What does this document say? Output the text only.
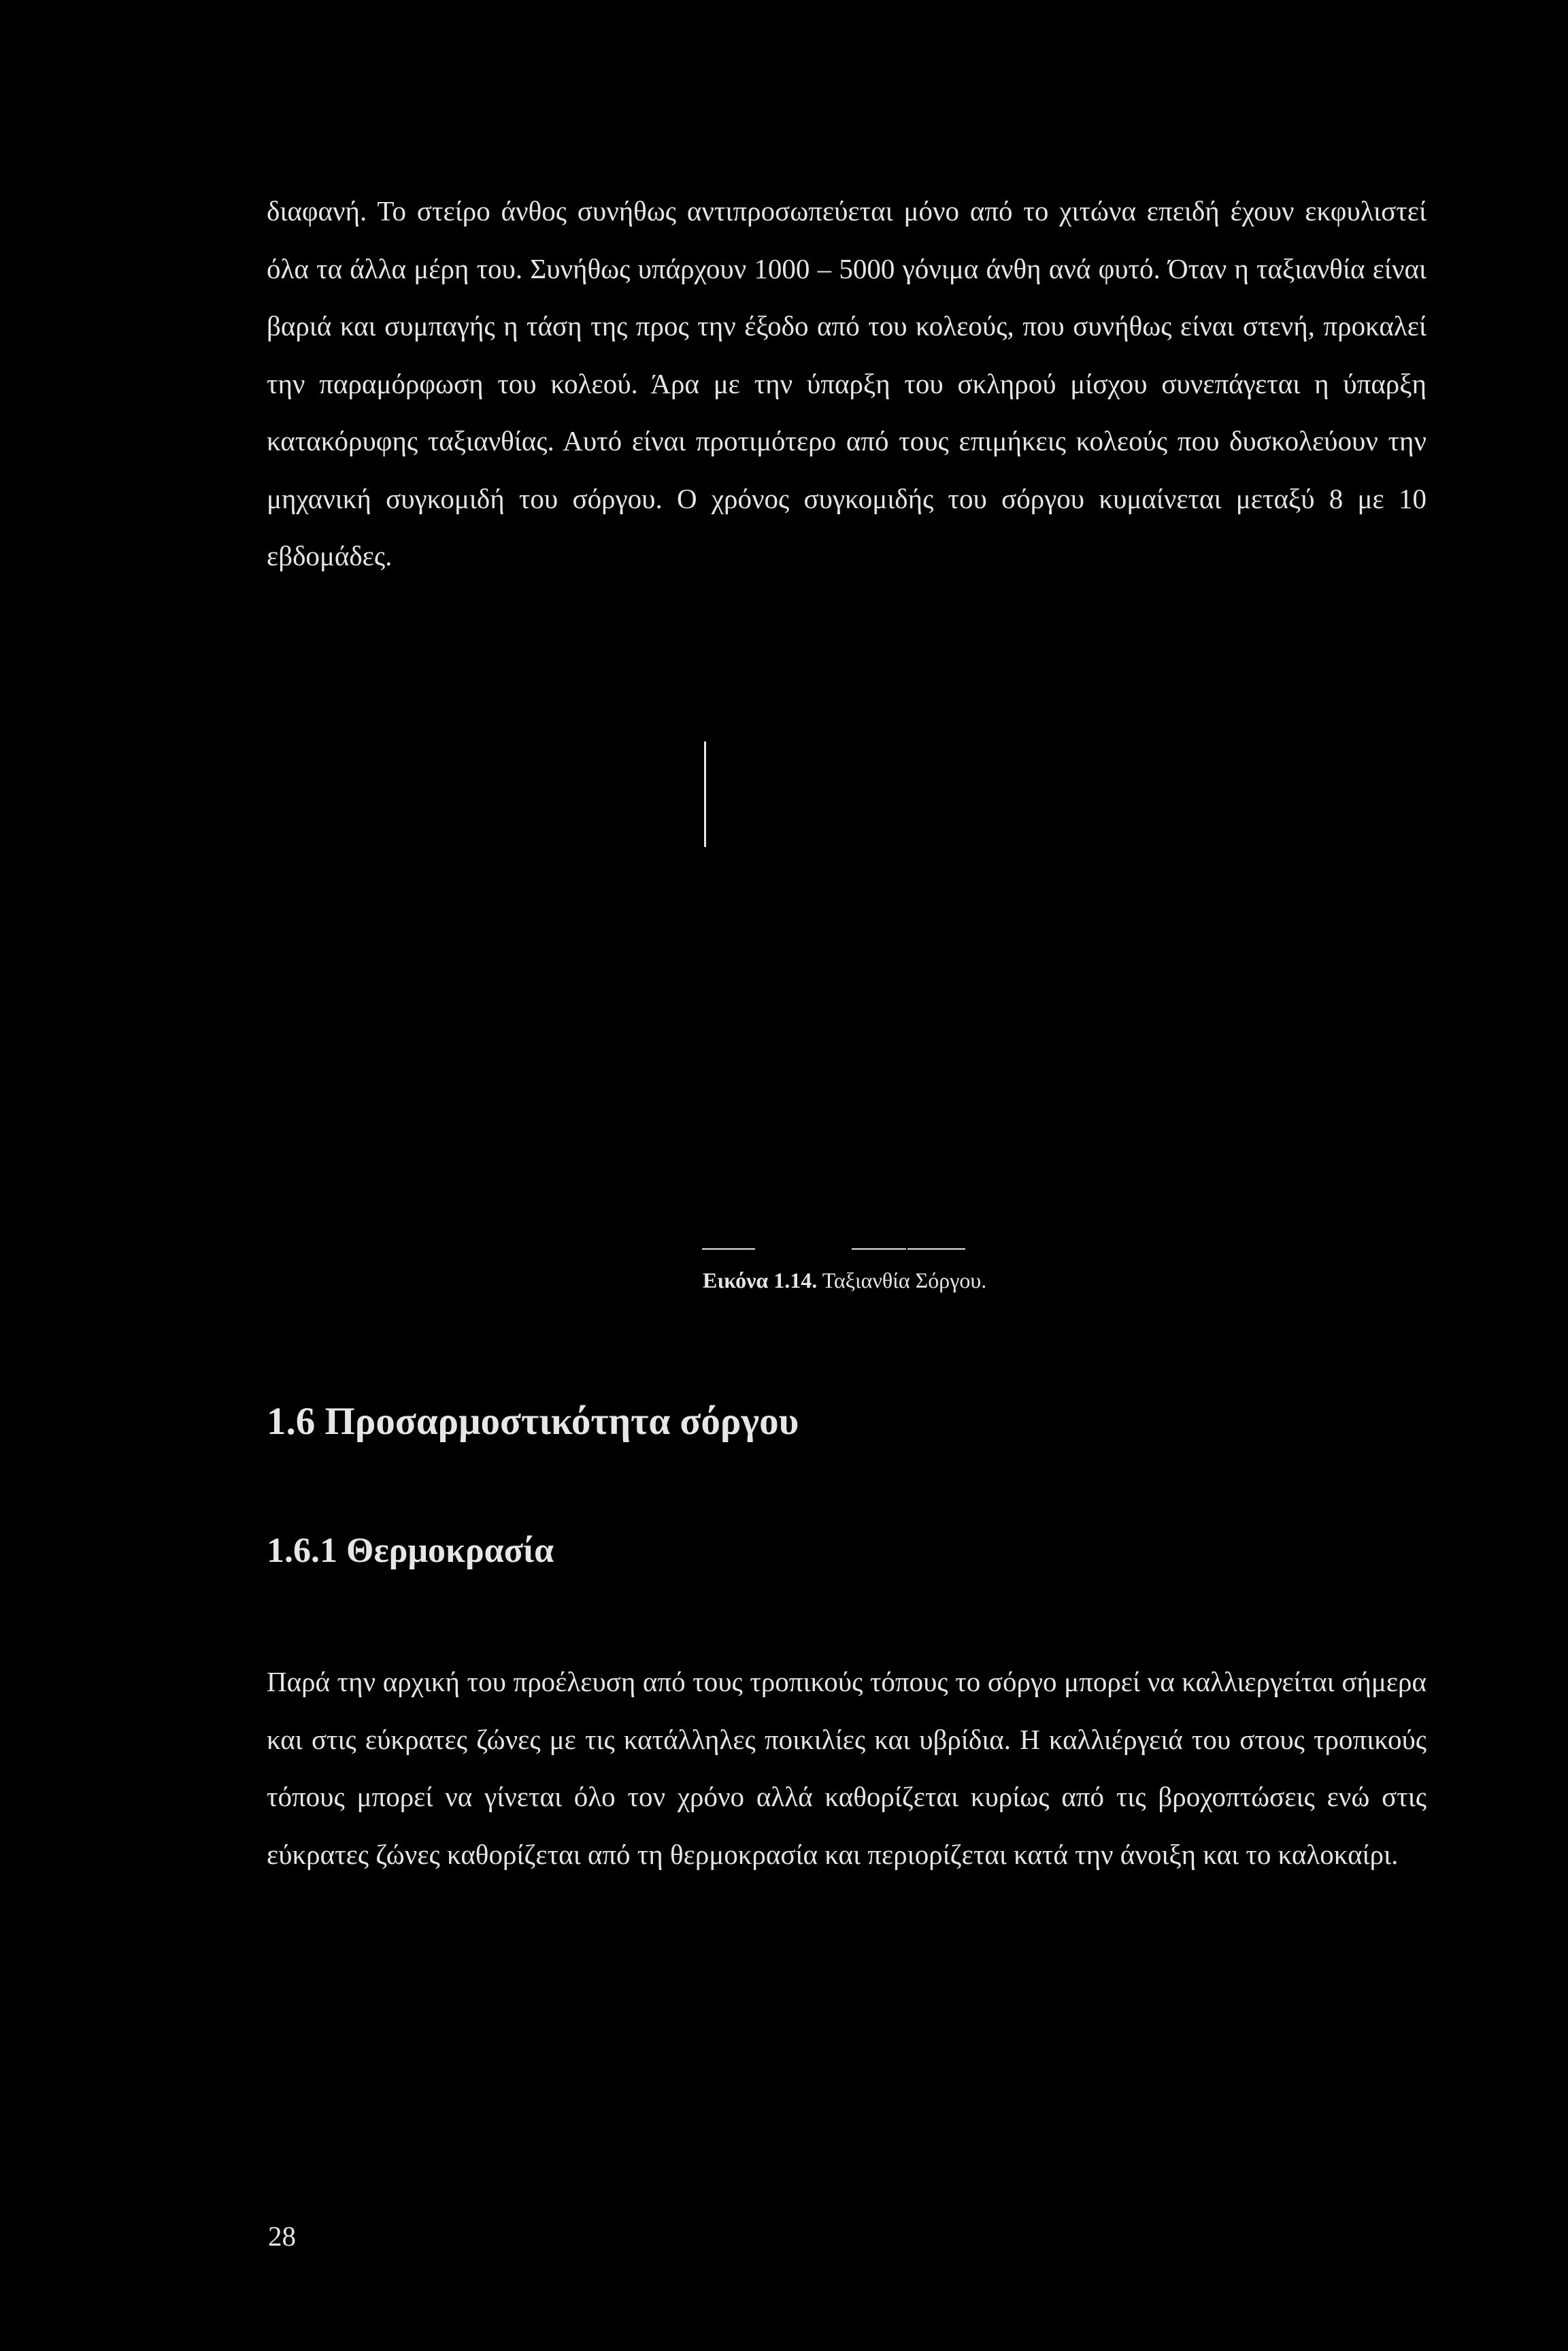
διαφανή. Το στείρο άνθος συνήθως αντιπροσωπεύεται μόνο από το χιτώνα επειδή έχουν εκφυλιστεί όλα τα άλλα μέρη του. Συνήθως υπάρχουν 1000 – 5000 γόνιμα άνθη ανά φυτό. Όταν η ταξιανθία είναι βαριά και συμπαγής η τάση της προς την έξοδο από του κολεούς, που συνήθως είναι στενή, προκαλεί την παραμόρφωση του κολεού. Άρα με την ύπαρξη του σκληρού μίσχου συνεπάγεται η ύπαρξη κατακόρυφης ταξιανθίας. Αυτό είναι προτιμότερο από τους επιμήκεις κολεούς που δυσκολεύουν την μηχανική συγκομιδή του σόργου. Ο χρόνος συγκομιδής του σόργου κυμαίνεται μεταξύ 8 με 10 εβδομάδες.

Εικόνα 1.14. Ταξιανθία Σόργου.
1.6 Προσαρμοστικότητα σόργου
1.6.1 Θερμοκρασία

Παρά την αρχική του προέλευση από τους τροπικούς τόπους το σόργο μπορεί να καλλιεργείται σήμερα και στις εύκρατες ζώνες με τις κατάλληλες ποικιλίες και υβρίδια. Η καλλιέργειά του στους τροπικούς τόπους μπορεί να γίνεται όλο τον χρόνο αλλά καθορίζεται κυρίως από τις βροχοπτώσεις ενώ στις εύκρατες ζώνες καθορίζεται από τη θερμοκρασία και περιορίζεται κατά την άνοιξη και το καλοκαίρι.

28
